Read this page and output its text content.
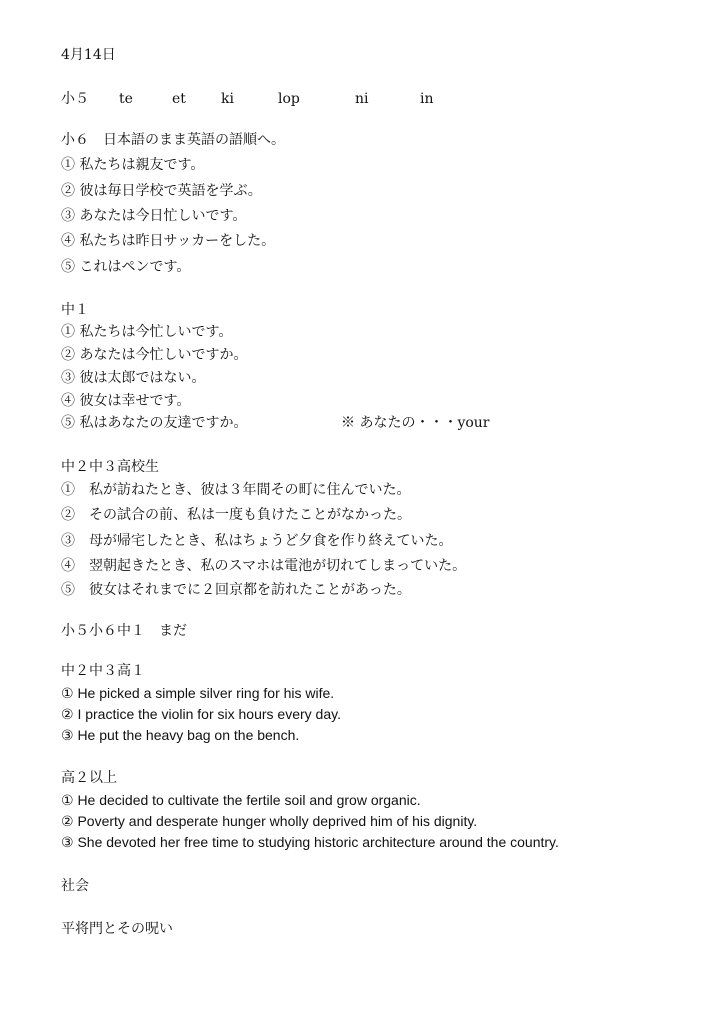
4月14日
小５ te	et	ki	lop	ni	in
小６　日本語のまま英語の語順へ。
① 私たちは親友です。
② 彼は毎日学校で英語を学ぶ。
③ あなたは今日忙しいです。
④ 私たちは昨日サッカーをした。
⑤ これはペンです。
中１
① 私たちは今忙しいです。
② あなたは今忙しいですか。
③ 彼は太郎ではない。
④ 彼女は幸せです。
⑤ 私はあなたの友達ですか。	※ あなたの・・・your
中２中３高校生
①　私が訪ねたとき、彼は３年間その町に住んでいた。
②　その試合の前、私は一度も負けたことがなかった。
③　母が帰宅したとき、私はちょうど夕食を作り終えていた。
④　翌朝起きたとき、私のスマホは電池が切れてしまっていた。
⑤　彼女はそれまでに２回京都を訪れたことがあった。
小５小６中１　まだ
中２中３高１
① He picked a simple silver ring for his wife.
② I practice the violin for six hours every day.
③ He put the heavy bag on the bench.
高２以上
① He decided to cultivate the fertile soil and grow organic.
② Poverty and desperate hunger wholly deprived him of his dignity.
③ She devoted her free time to studying historic architecture around the country.
社会
平将門とその呪い
